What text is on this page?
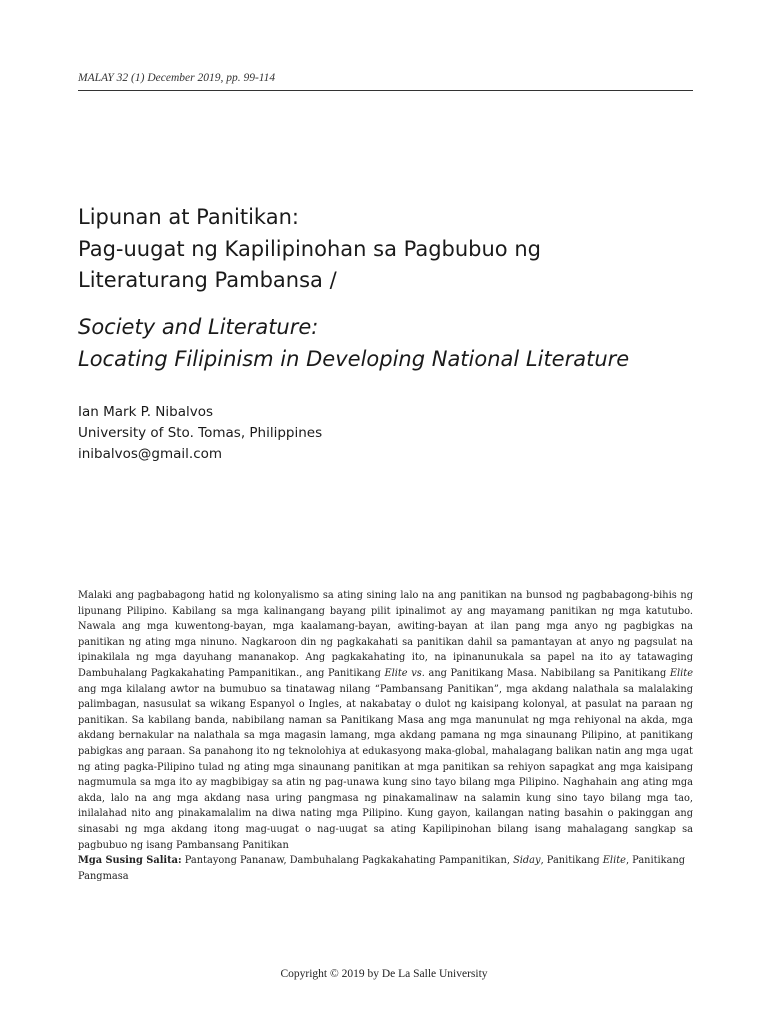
MALAY 32 (1) December 2019, pp. 99-114
Lipunan at Panitikan:
Pag-uugat ng Kapilipinohan sa Pagbubuo ng
Literaturang Pambansa /
Society and Literature:
Locating Filipinism in Developing National Literature
Ian Mark P. Nibalvos
University of Sto. Tomas, Philippines
inibalvos@gmail.com
Malaki ang pagbabagong hatid ng kolonyalismo sa ating sining lalo na ang panitikan na bunsod ng pagbabagong-bihis ng lipunang Pilipino. Kabilang sa mga kalinangang bayang pilit ipinalimot ay ang mayamang panitikan ng mga katutubo. Nawala ang mga kuwentong-bayan, mga kaalamang-bayan, awiting-bayan at ilan pang mga anyo ng pagbigkas na panitikan ng ating mga ninuno. Nagkaroon din ng pagkakahati sa panitikan dahil sa pamantayan at anyo ng pagsulat na ipinakilala ng mga dayuhang mananakop. Ang pagkakahating ito, na ipinanunukala sa papel na ito ay tatawaging Dambuhalang Pagkakahating Pampanitikan., ang Panitikang Elite vs. ang Panitikang Masa. Nabibilang sa Panitikang Elite ang mga kilalang awtor na bumubuo sa tinatawag nilang “Pambansang Panitikan”, mga akdang nalathala sa malalaking palimbagan, nasusulat sa wikang Espanyol o Ingles, at nakabatay o dulot ng kaisipang kolonyal, at pasulat na paraan ng panitikan. Sa kabilang banda, nabibilang naman sa Panitikang Masa ang mga manunulat ng mga rehiyonal na akda, mga akdang bernakular na nalathala sa mga magasin lamang, mga akdang pamana ng mga sinaunang Pilipino, at panitikang pabigkas ang paraan. Sa panahong ito ng teknolohiya at edukasyong maka-global, mahalagang balikan natin ang mga ugat ng ating pagka-Pilipino tulad ng ating mga sinaunang panitikan at mga panitikan sa rehiyon sapagkat ang mga kaisipang nagmumula sa mga ito ay magbibigay sa atin ng pag-unawa kung sino tayo bilang mga Pilipino. Naghahain ang ating mga akda, lalo na ang mga akdang nasa uring pangmasa ng pinakamalinaw na salamin kung sino tayo bilang mga tao, inilalahad nito ang pinakamalalim na diwa nating mga Pilipino. Kung gayon, kailangan nating basahin o pakinggan ang sinasabi ng mga akdang itong mag-uugat o nag-uugat sa ating Kapilipinohan bilang isang mahalagang sangkap sa pagbubuo ng isang Pambansang Panitikan
Mga Susing Salita: Pantayong Pananaw, Dambuhalang Pagkakahating Pampanitikan, Siday, Panitikang Elite, Panitikang Pangmasa
Copyright © 2019 by De La Salle University
